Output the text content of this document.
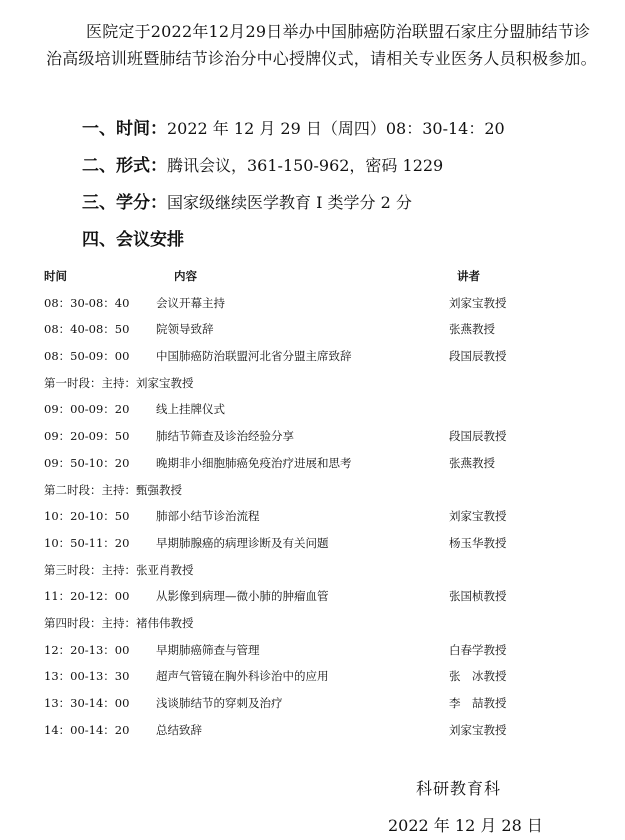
医院定于2022年12月29日举办中国肺癌防治联盟石家庄分盟肺结节诊治高级培训班暨肺结节诊治分中心授牌仪式，请相关专业医务人员积极参加。

一、时间：2022 年 12 月 29 日（周四）08：30-14：20
二、形式：腾讯会议，361-150-962，密码 1229
三、学分：国家级继续医学教育 I 类学分 2 分
四、会议安排
时间	内容	讲者
08：30-08：40 会议开幕主持	刘家宝教授
08：40-08：50 院领导致辞	张燕教授
08：50-09：00 中国肺癌防治联盟河北省分盟主席致辞	段国辰教授
第一时段：主持：刘家宝教授
09：00-09：20 线上挂牌仪式
09：20-09：50 肺结节筛查及诊治经验分享	段国辰教授
09：50-10：20 晚期非小细胞肺癌免疫治疗进展和思考	张燕教授
第二时段：主持：甄强教授
10：20-10：50 肺部小结节诊治流程	刘家宝教授
10：50-11：20 早期肺腺癌的病理诊断及有关问题	杨玉华教授
第三时段：主持：张亚肖教授
11：20-12：00 从影像到病理—微小肺的肿瘤血管	张国桢教授
第四时段：主持：褚伟伟教授
12：20-13：00 早期肺癌筛查与管理	白春学教授
13：00-13：30 超声气管镜在胸外科诊治中的应用	张　冰教授
13：30-14：00 浅谈肺结节的穿刺及治疗	李　喆教授
14：00-14：20 总结致辞	刘家宝教授
科研教育科
2022 年 12 月 28 日
